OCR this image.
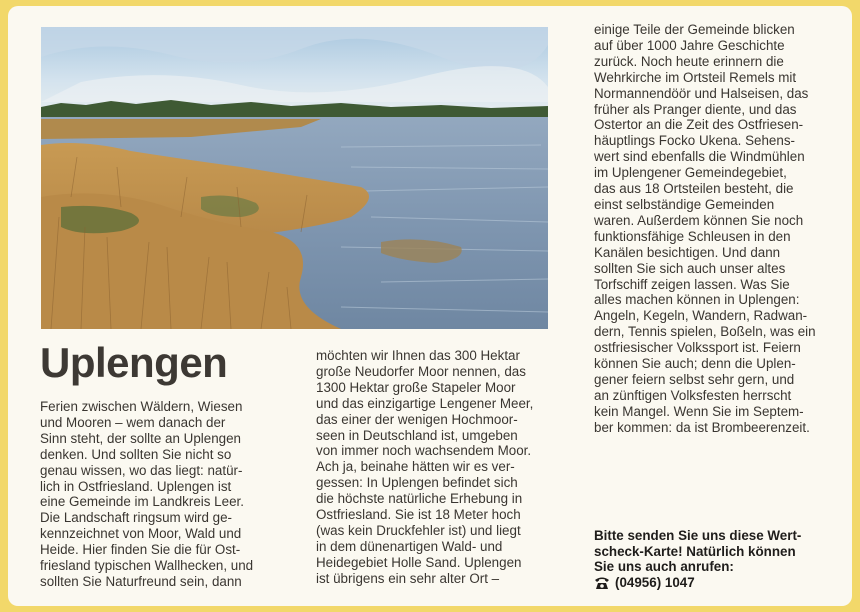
Uplengen
Ferien zwischen Wäldern, Wiesen
und Mooren – wem danach der
Sinn steht, der sollte an Uplengen
denken. Und sollten Sie nicht so
genau wissen, wo das liegt: natür-
lich in Ostfriesland. Uplengen ist
eine Gemeinde im Landkreis Leer.
Die Landschaft ringsum wird ge-
kennzeichnet von Moor, Wald und
Heide. Hier finden Sie die für Ost-
friesland typischen Wallhecken, und
sollten Sie Naturfreund sein, dann
möchten wir Ihnen das 300 Hektar
große Neudorfer Moor nennen, das
1300 Hektar große Stapeler Moor
und das einzigartige Lengener Meer,
das einer der wenigen Hochmoor-
seen in Deutschland ist, umgeben
von immer noch wachsendem Moor.
Ach ja, beinahe hätten wir es ver-
gessen: In Uplengen befindet sich
die höchste natürliche Erhebung in
Ostfriesland. Sie ist 18 Meter hoch
(was kein Druckfehler ist) und liegt
in dem dünenartigen Wald- und
Heidegebiet Holle Sand. Uplengen
ist übrigens ein sehr alter Ort –
einige Teile der Gemeinde blicken
auf über 1000 Jahre Geschichte
zurück. Noch heute erinnern die
Wehrkirche im Ortsteil Remels mit
Normannendöör und Halseisen, das
früher als Pranger diente, und das
Ostertor an die Zeit des Ostfriesen-
häuptlings Focko Ukena. Sehens-
wert sind ebenfalls die Windmühlen
im Uplengener Gemeindegebiet,
das aus 18 Ortsteilen besteht, die
einst selbständige Gemeinden
waren. Außerdem können Sie noch
funktionsfähige Schleusen in den
Kanälen besichtigen. Und dann
sollten Sie sich auch unser altes
Torfschiff zeigen lassen. Was Sie
alles machen können in Uplengen:
Angeln, Kegeln, Wandern, Radwan-
dern, Tennis spielen, Boßeln, was ein
ostfriesischer Volkssport ist. Feiern
können Sie auch; denn die Uplen-
gener feiern selbst sehr gern, und
an zünftigen Volksfesten herrscht
kein Mangel. Wenn Sie im Septem-
ber kommen: da ist Brombeerenzeit.
Bitte senden Sie uns diese Wert-
scheck-Karte! Natürlich können
Sie uns auch anrufen:
(04956) 1047
